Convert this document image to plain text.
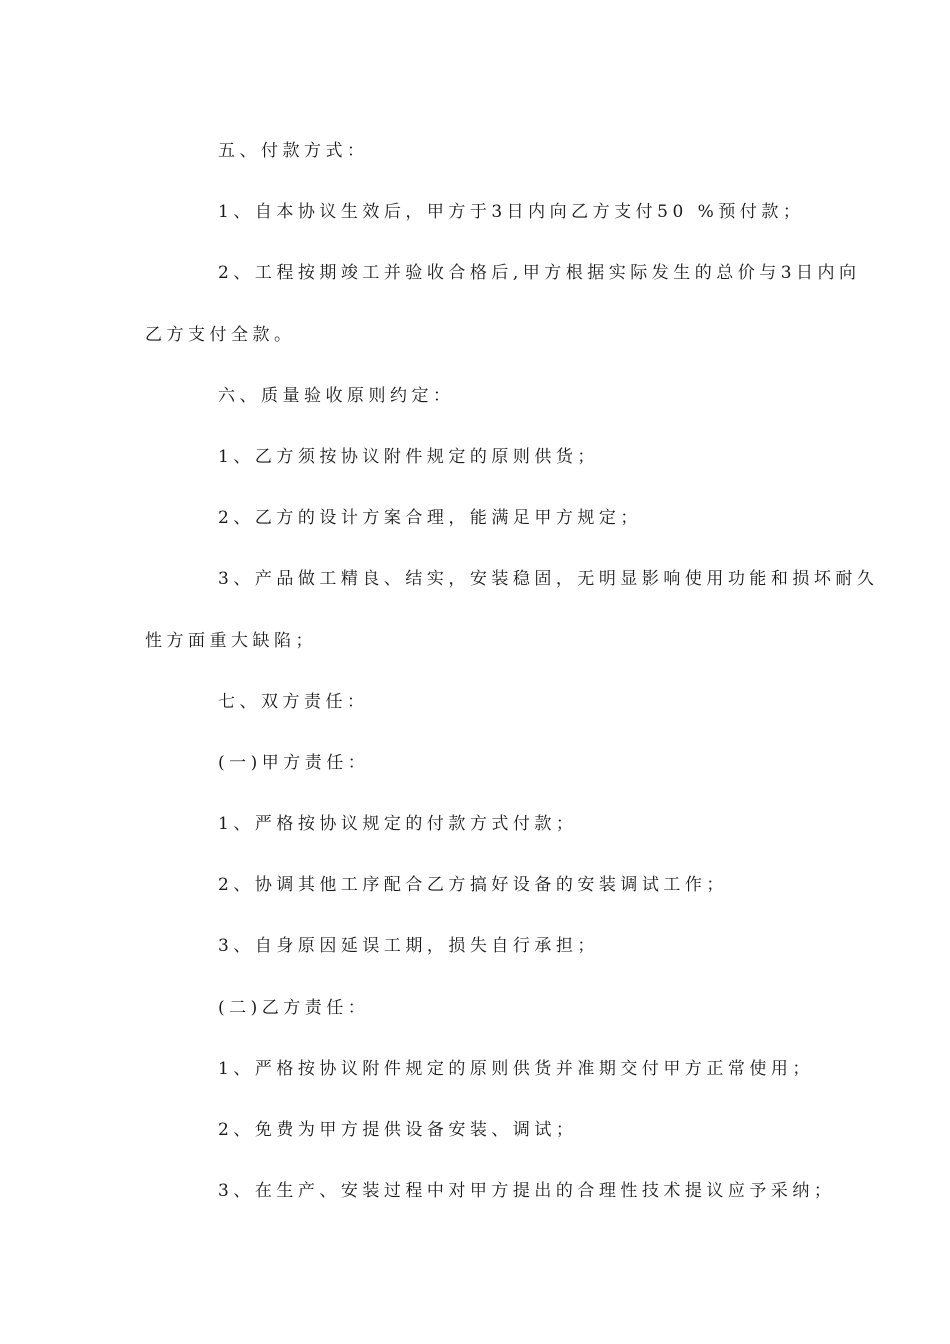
五、付款方式：

1、自本协议生效后，甲方于3日内向乙方支付50 %预付款；

2、工程按期竣工并验收合格后,甲方根据实际发生的总价与3日内向

乙方支付全款。

六、质量验收原则约定：

1、乙方须按协议附件规定的原则供货；

2、乙方的设计方案合理，能满足甲方规定；

3、产品做工精良、结实，安装稳固，无明显影响使用功能和损坏耐久

性方面重大缺陷；

七、双方责任：

(一)甲方责任：

1、严格按协议规定的付款方式付款；

2、协调其他工序配合乙方搞好设备的安装调试工作；

3、自身原因延误工期，损失自行承担；

(二)乙方责任：

1、严格按协议附件规定的原则供货并准期交付甲方正常使用；

2、免费为甲方提供设备安装、调试；

3、在生产、安装过程中对甲方提出的合理性技术提议应予采纳；
